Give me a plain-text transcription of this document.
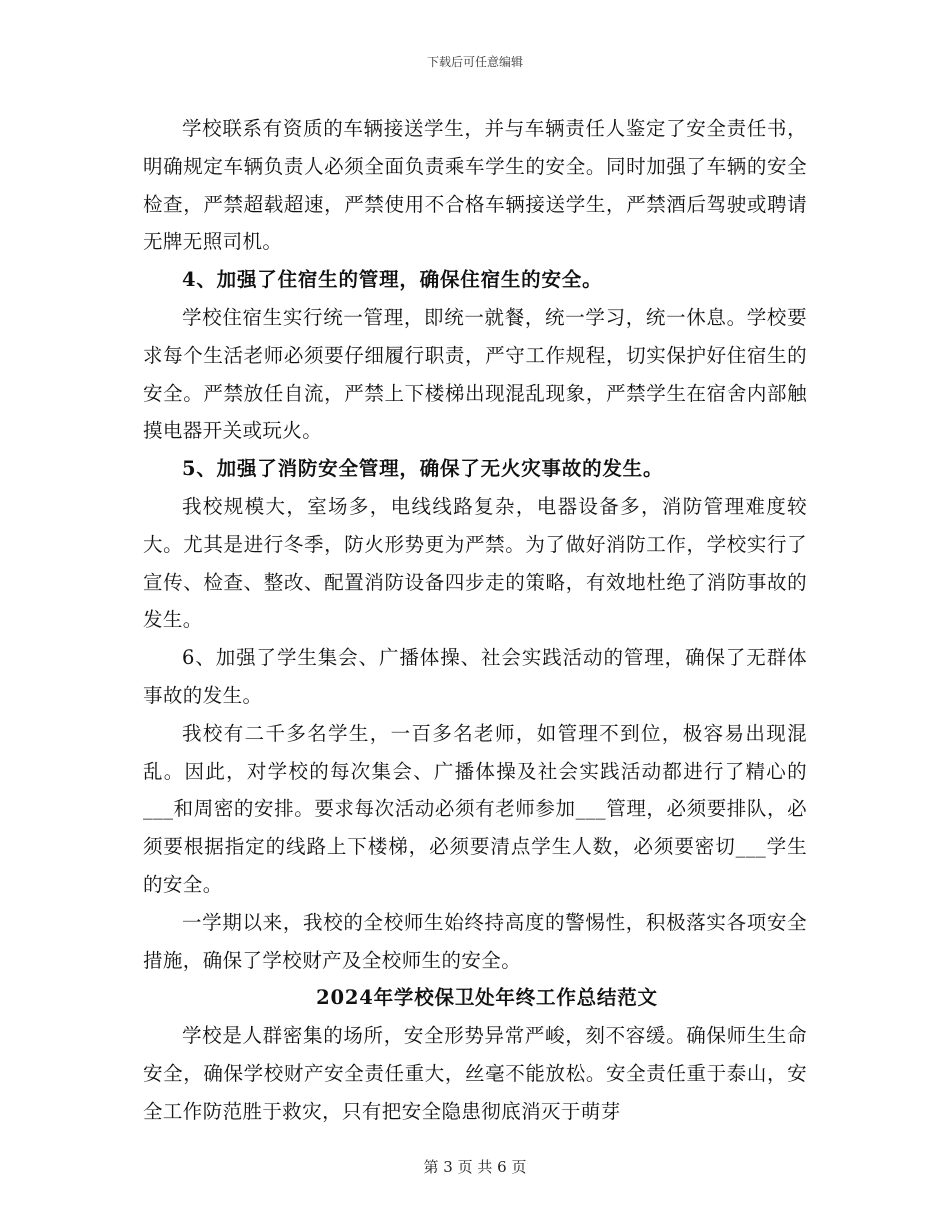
下载后可任意编辑

学校联系有资质的车辆接送学生，并与车辆责任人鉴定了安全责任书，明确规定车辆负责人必须全面负责乘车学生的安全。同时加强了车辆的安全检查，严禁超载超速，严禁使用不合格车辆接送学生，严禁酒后驾驶或聘请无牌无照司机。

4、加强了住宿生的管理，确保住宿生的安全。

学校住宿生实行统一管理，即统一就餐，统一学习，统一休息。学校要求每个生活老师必须要仔细履行职责，严守工作规程，切实保护好住宿生的安全。严禁放任自流，严禁上下楼梯出现混乱现象，严禁学生在宿舍内部触摸电器开关或玩火。

5、加强了消防安全管理，确保了无火灾事故的发生。

我校规模大，室场多，电线线路复杂，电器设备多，消防管理难度较大。尤其是进行冬季，防火形势更为严禁。为了做好消防工作，学校实行了宣传、检查、整改、配置消防设备四步走的策略，有效地杜绝了消防事故的发生。

6、加强了学生集会、广播体操、社会实践活动的管理，确保了无群体事故的发生。

我校有二千多名学生，一百多名老师，如管理不到位，极容易出现混乱。因此，对学校的每次集会、广播体操及社会实践活动都进行了精心的___和周密的安排。要求每次活动必须有老师参加___管理，必须要排队，必须要根据指定的线路上下楼梯，必须要清点学生人数，必须要密切___学生的安全。

一学期以来，我校的全校师生始终持高度的警惕性，积极落实各项安全措施，确保了学校财产及全校师生的安全。

2024年学校保卫处年终工作总结范文

学校是人群密集的场所，安全形势异常严峻，刻不容缓。确保师生生命安全，确保学校财产安全责任重大，丝毫不能放松。安全责任重于泰山，安全工作防范胜于救灾，只有把安全隐患彻底消灭于萌芽

第 3 页 共 6 页
